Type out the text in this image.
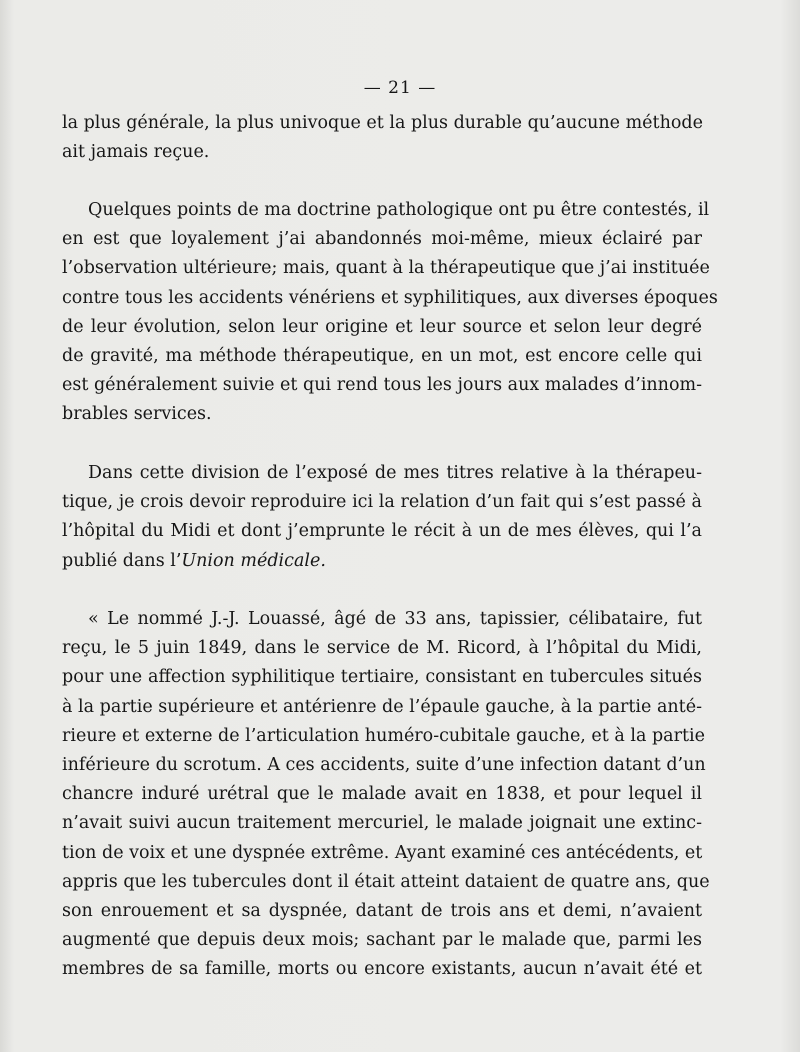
— 21 —
la plus générale, la plus univoque et la plus durable qu’aucune méthode
ait jamais reçue.
Quelques points de ma doctrine pathologique ont pu être contestés, il
en est que loyalement j’ai abandonnés moi-même, mieux éclairé par
l’observation ultérieure; mais, quant à la thérapeutique que j’ai instituée
contre tous les accidents vénériens et syphilitiques, aux diverses époques
de leur évolution, selon leur origine et leur source et selon leur degré
de gravité, ma méthode thérapeutique, en un mot, est encore celle qui
est généralement suivie et qui rend tous les jours aux malades d’innom-
brables services.
Dans cette division de l’exposé de mes titres relative à la thérapeu-
tique, je crois devoir reproduire ici la relation d’un fait qui s’est passé à
l’hôpital du Midi et dont j’emprunte le récit à un de mes élèves, qui l’a
publié dans l’Union médicale.
« Le nommé J.-J. Louassé, âgé de 33 ans, tapissier, célibataire, fut
reçu, le 5 juin 1849, dans le service de M. Ricord, à l’hôpital du Midi,
pour une affection syphilitique tertiaire, consistant en tubercules situés
à la partie supérieure et antérienre de l’épaule gauche, à la partie anté-
rieure et externe de l’articulation huméro-cubitale gauche, et à la partie
inférieure du scrotum. A ces accidents, suite d’une infection datant d’un
chancre induré urétral que le malade avait en 1838, et pour lequel il
n’avait suivi aucun traitement mercuriel, le malade joignait une extinc-
tion de voix et une dyspnée extrême. Ayant examiné ces antécédents, et
appris que les tubercules dont il était atteint dataient de quatre ans, que
son enrouement et sa dyspnée, datant de trois ans et demi, n’avaient
augmenté que depuis deux mois; sachant par le malade que, parmi les
membres de sa famille, morts ou encore existants, aucun n’avait été et
